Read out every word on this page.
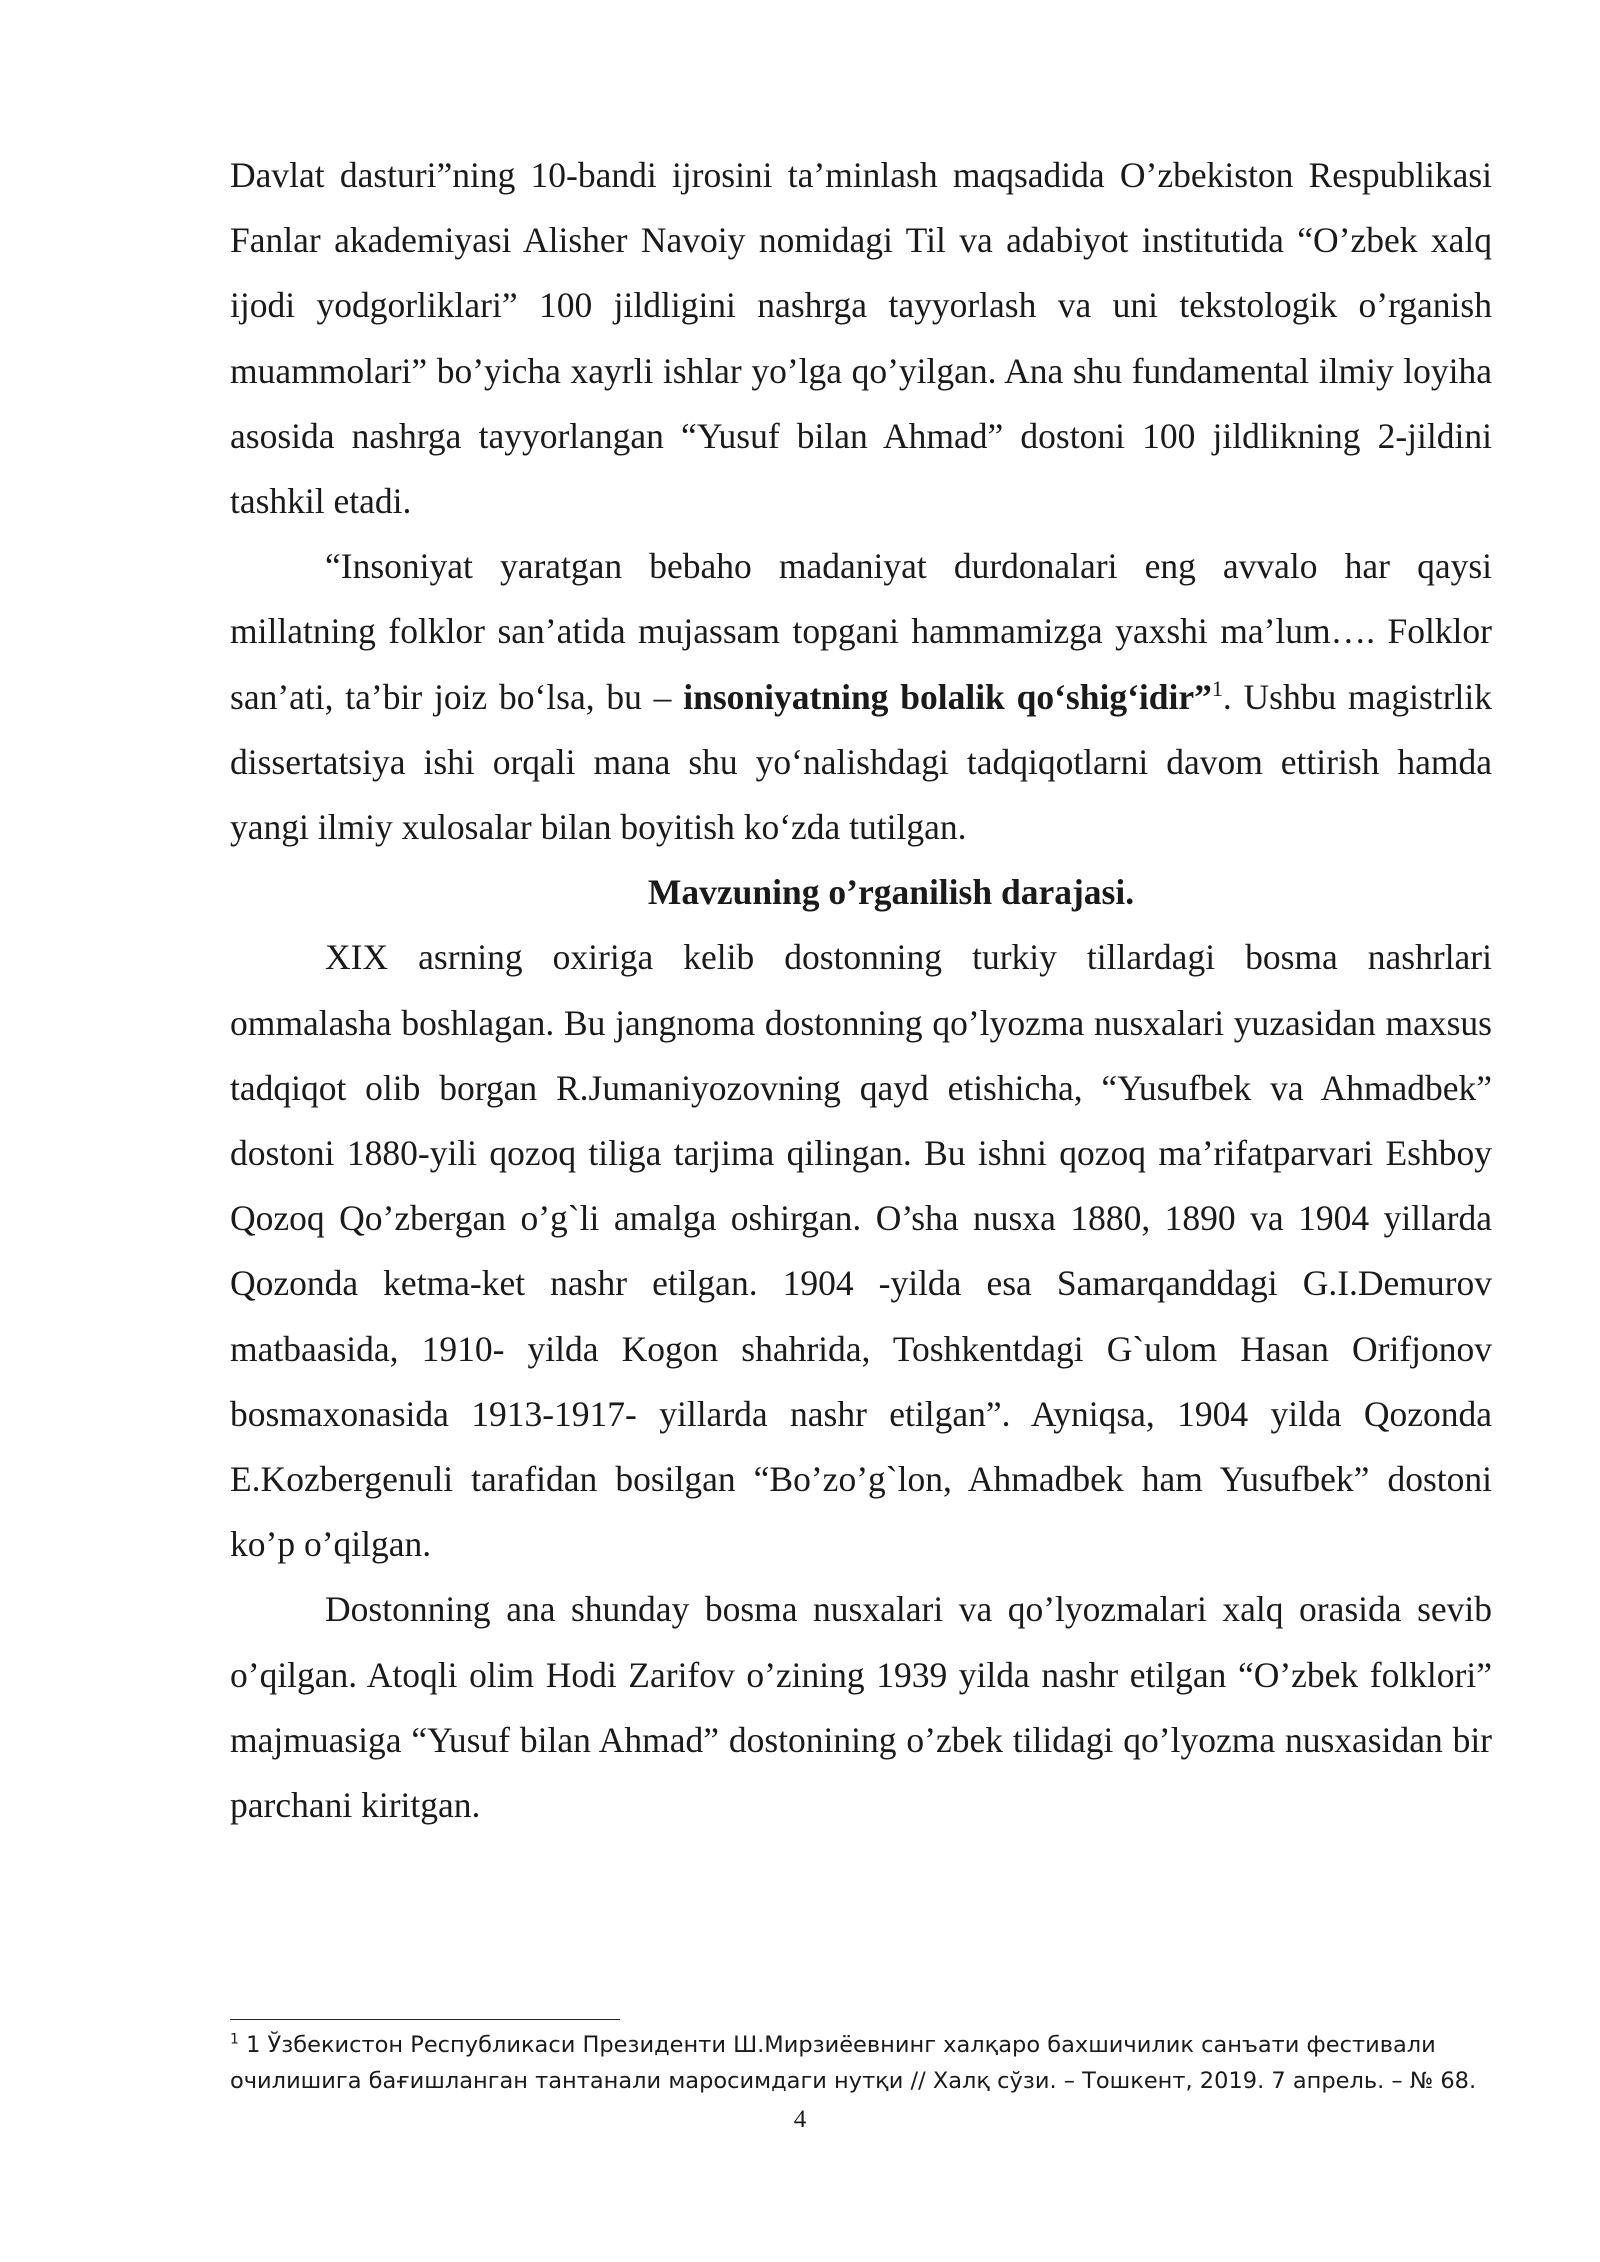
Davlat dasturi”ning 10-bandi ijrosini ta’minlash maqsadida O’zbekiston Respublikasi Fanlar akademiyasi Alisher Navoiy nomidagi Til va adabiyot institutida “O’zbek xalq ijodi yodgorliklari” 100 jildligini nashrga tayyorlash va uni tekstologik o’rganish muammolari” bo’yicha xayrli ishlar yo’lga qo’yilgan. Ana shu fundamental ilmiy loyiha asosida nashrga tayyorlangan “Yusuf bilan Ahmad” dostoni 100 jildlikning 2-jildini tashkil etadi.

“Insoniyat yaratgan bebaho madaniyat durdonalari eng avvalo har qaysi millatning folklor san’atida mujassam topgani hammamizga yaxshi ma’lum…. Folklor san’ati, ta’bir joiz bo‘lsa, bu – insoniyatning bolalik qo‘shig‘idir”$^1$. Ushbu magistrlik dissertatsiya ishi orqali mana shu yo‘nalishdagi tadqiqotlarni davom ettirish hamda yangi ilmiy xulosalar bilan boyitish ko‘zda tutilgan.

Mavzuning o’rganilish darajasi.

XIX asrning oxiriga kelib dostonning turkiy tillardagi bosma nashrlari ommalasha boshlagan. Bu jangnoma dostonning qo’lyozma nusxalari yuzasidan maxsus tadqiqot olib borgan R.Jumaniyozovning qayd etishicha, “Yusufbek va Ahmadbek” dostoni 1880-yili qozoq tiliga tarjima qilingan. Bu ishni qozoq ma’rifatparvari Eshboy Qozoq Qo’zbergan o’g`li amalga oshirgan. O’sha nusxa 1880, 1890 va 1904 yillarda Qozonda ketma-ket nashr etilgan. 1904 -yilda esa Samarqanddagi G.I.Demurov matbaasida, 1910- yilda Kogon shahrida, Toshkentdagi G`ulom Hasan Orifjonov bosmaxonasida 1913-1917- yillarda nashr etilgan”. Ayniqsa, 1904 yilda Qozonda E.Kozbergenuli tarafidan bosilgan “Bo’zo’g`lon, Ahmadbek ham Yusufbek” dostoni ko’p o’qilgan.

Dostonning ana shunday bosma nusxalari va qo’lyozmalari xalq orasida sevib o’qilgan. Atoqli olim Hodi Zarifov o’zining 1939 yilda nashr etilgan “O’zbek folklori” majmuasiga “Yusuf bilan Ahmad” dostonining o’zbek tilidagi qo’lyozma nusxasidan bir parchani kiritgan.

$^1$ 1 Ўзбекистон Республикаси Президенти Ш.Мирзиёевнинг халқаро бахшичилик санъати фестивали очилишига бағишланган тантанали маросимдаги нутқи // Халқ сўзи. – Тошкент, 2019. 7 апрель. – № 68.
4
